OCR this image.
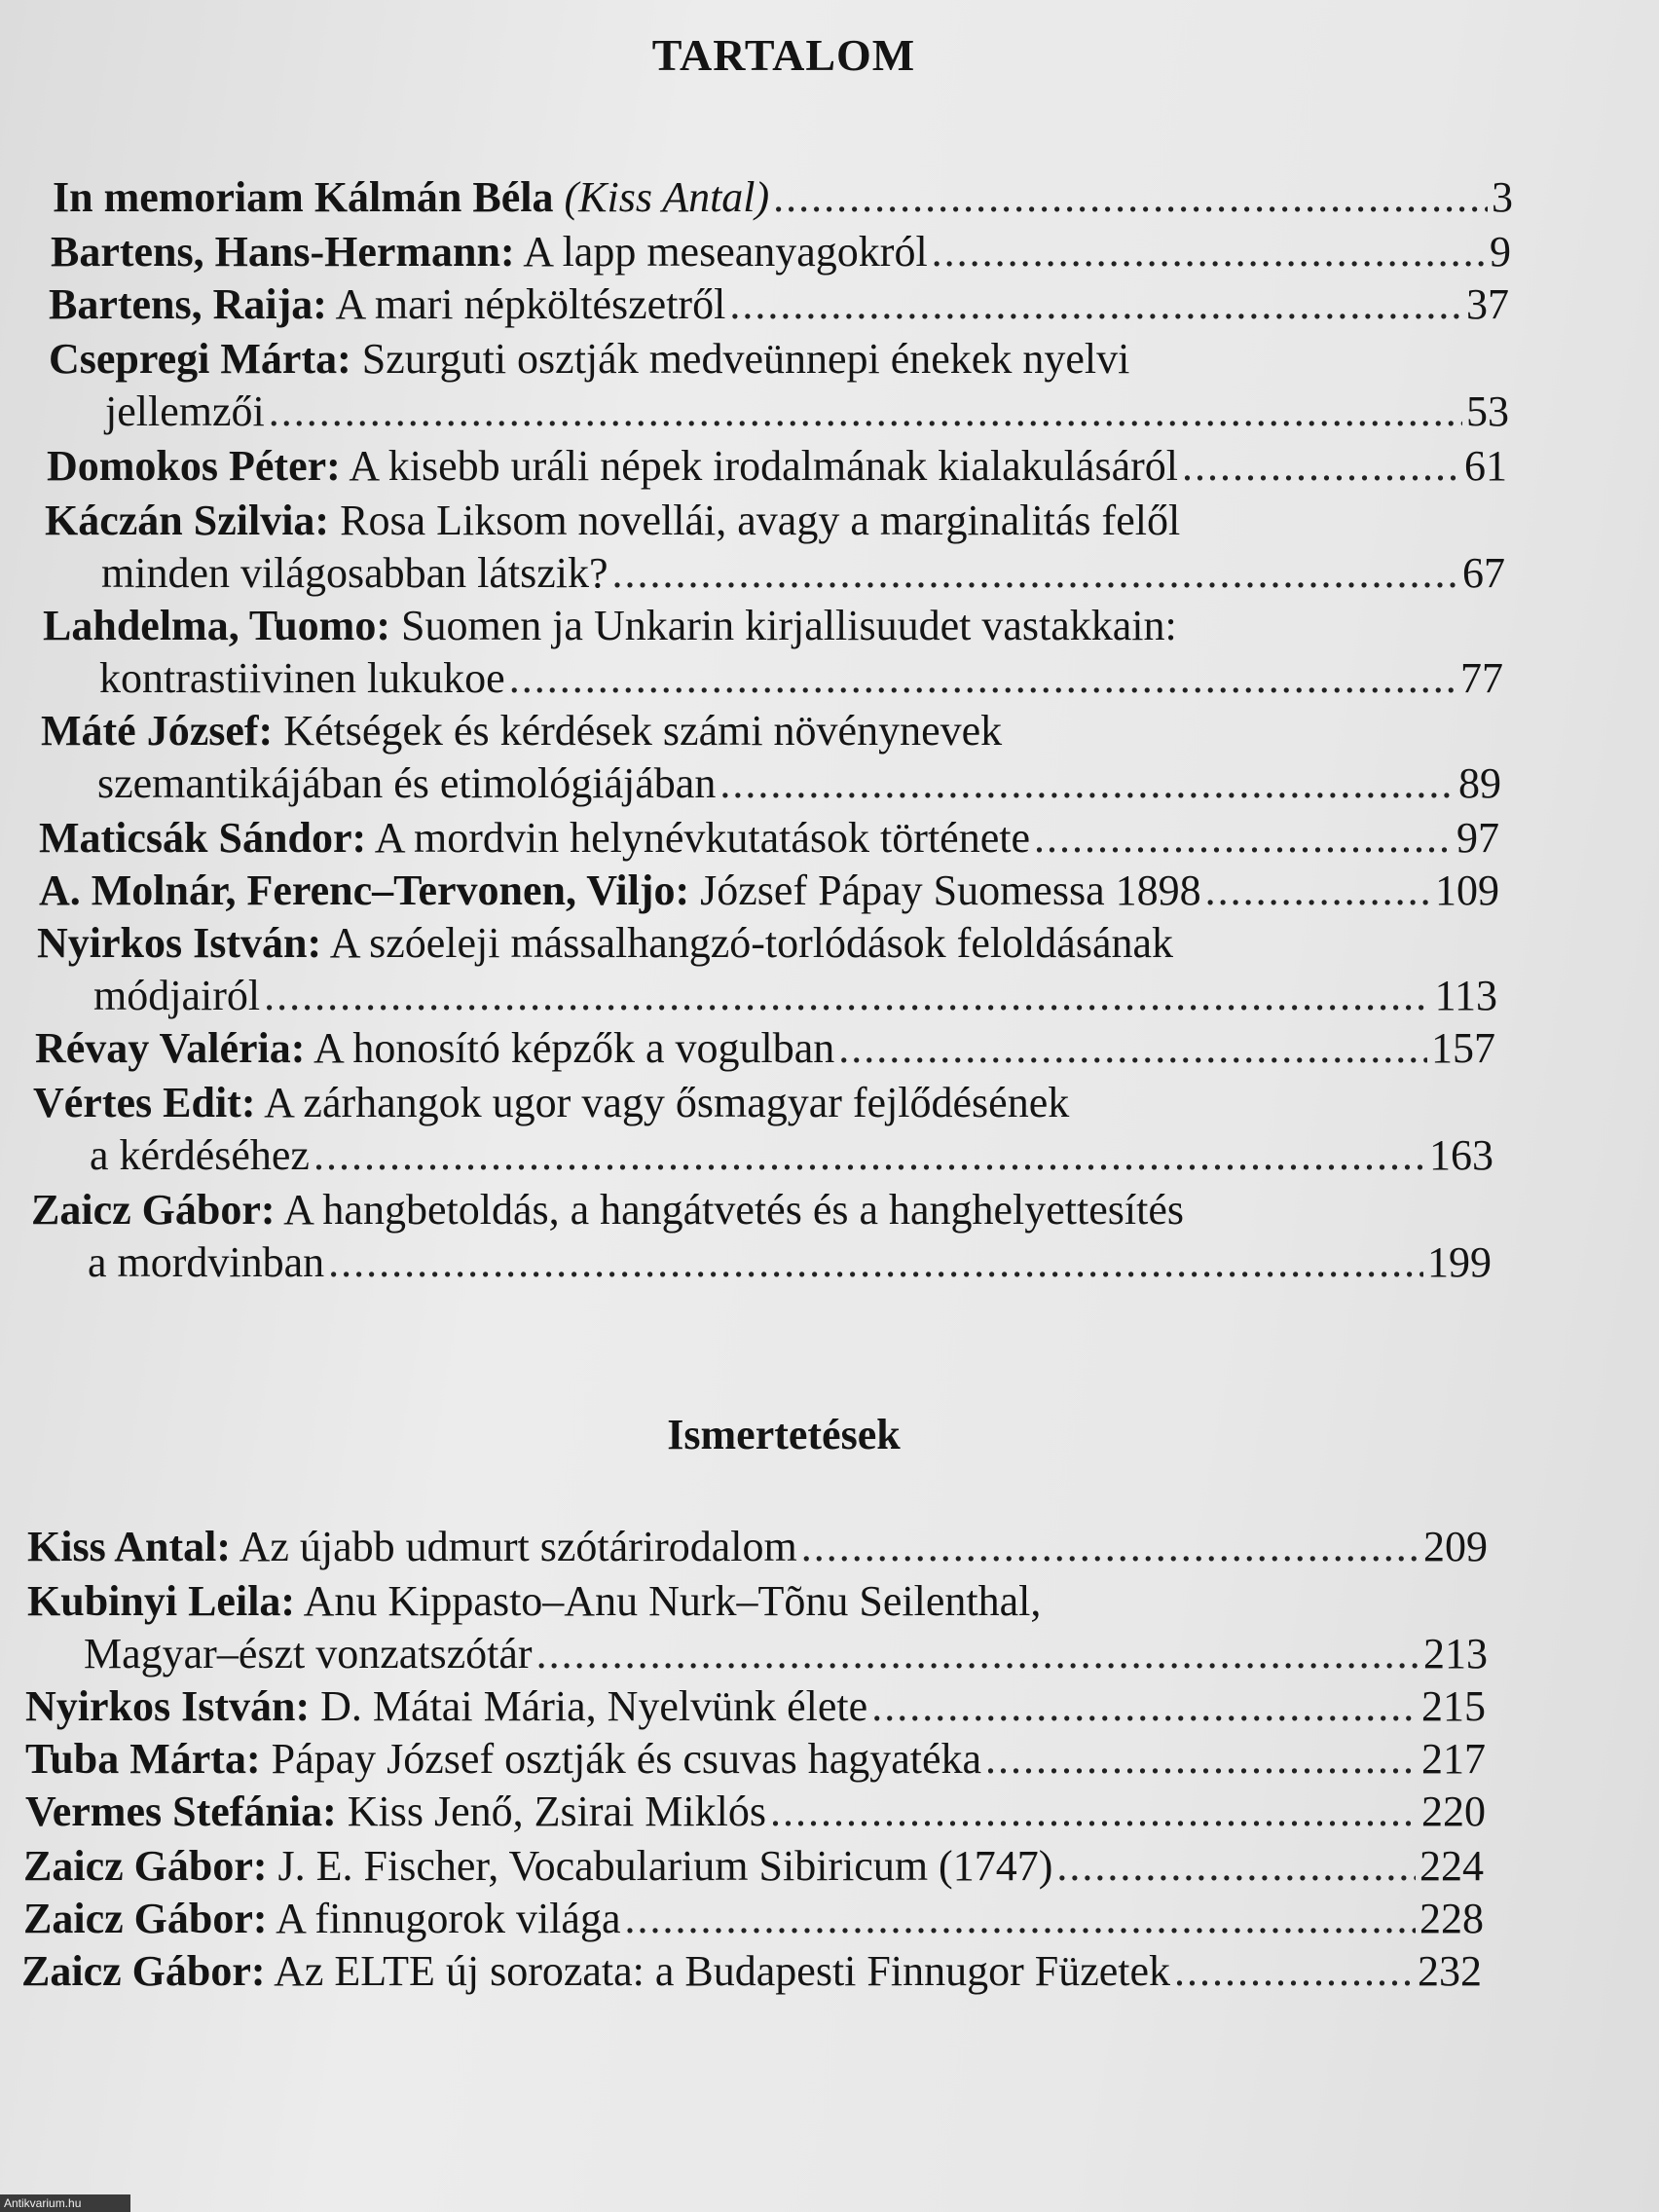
TARTALOM
In memoriam Kálmán Béla (Kiss Antal) .....	3
Bartens, Hans-Hermann: A lapp meseanyagokról .....	9
Bartens, Raija: A mari népköltészetről .....	37
Csepregi Márta: Szurguti osztják medveünnepi énekek nyelvi
jellemzői .....	53
Domokos Péter: A kisebb uráli népek irodalmának kialakulásáról .....	61
Káczán Szilvia: Rosa Liksom novellái, avagy a marginalitás felől
minden világosabban látszik? .....	67
Lahdelma, Tuomo: Suomen ja Unkarin kirjallisuudet vastakkain:
kontrastiivinen lukukoe .....	77
Máté József: Kétségek és kérdések számi növénynevek
szemantikájában és etimológiájában .....	89
Maticsák Sándor: A mordvin helynévkutatások története .....	97
A. Molnár, Ferenc–Tervonen, Viljo: József Pápay Suomessa 1898 .....	109
Nyirkos István: A szóeleji mássalhangzó-torlódások feloldásának
módjairól .....	113
Révay Valéria: A honosító képzők a vogulban .....	157
Vértes Edit: A zárhangok ugor vagy ősmagyar fejlődésének
a kérdéséhez .....	163
Zaicz Gábor: A hangbetoldás, a hangátvetés és a hanghelyettesítés
a mordvinban .....	199
Ismertetések
Kiss Antal: Az újabb udmurt szótárirodalom .....	209
Kubinyi Leila: Anu Kippasto–Anu Nurk–Tõnu Seilenthal,
Magyar–észt vonzatszótár .....	213
Nyirkos István: D. Mátai Mária, Nyelvünk élete .....	215
Tuba Márta: Pápay József osztják és csuvas hagyatéka .....	217
Vermes Stefánia: Kiss Jenő, Zsirai Miklós .....	220
Zaicz Gábor: J. E. Fischer, Vocabularium Sibiricum (1747) .....	224
Zaicz Gábor: A finnugorok világa .....	228
Zaicz Gábor: Az ELTE új sorozata: a Budapesti Finnugor Füzetek .....	232
Antikvarium.hu
